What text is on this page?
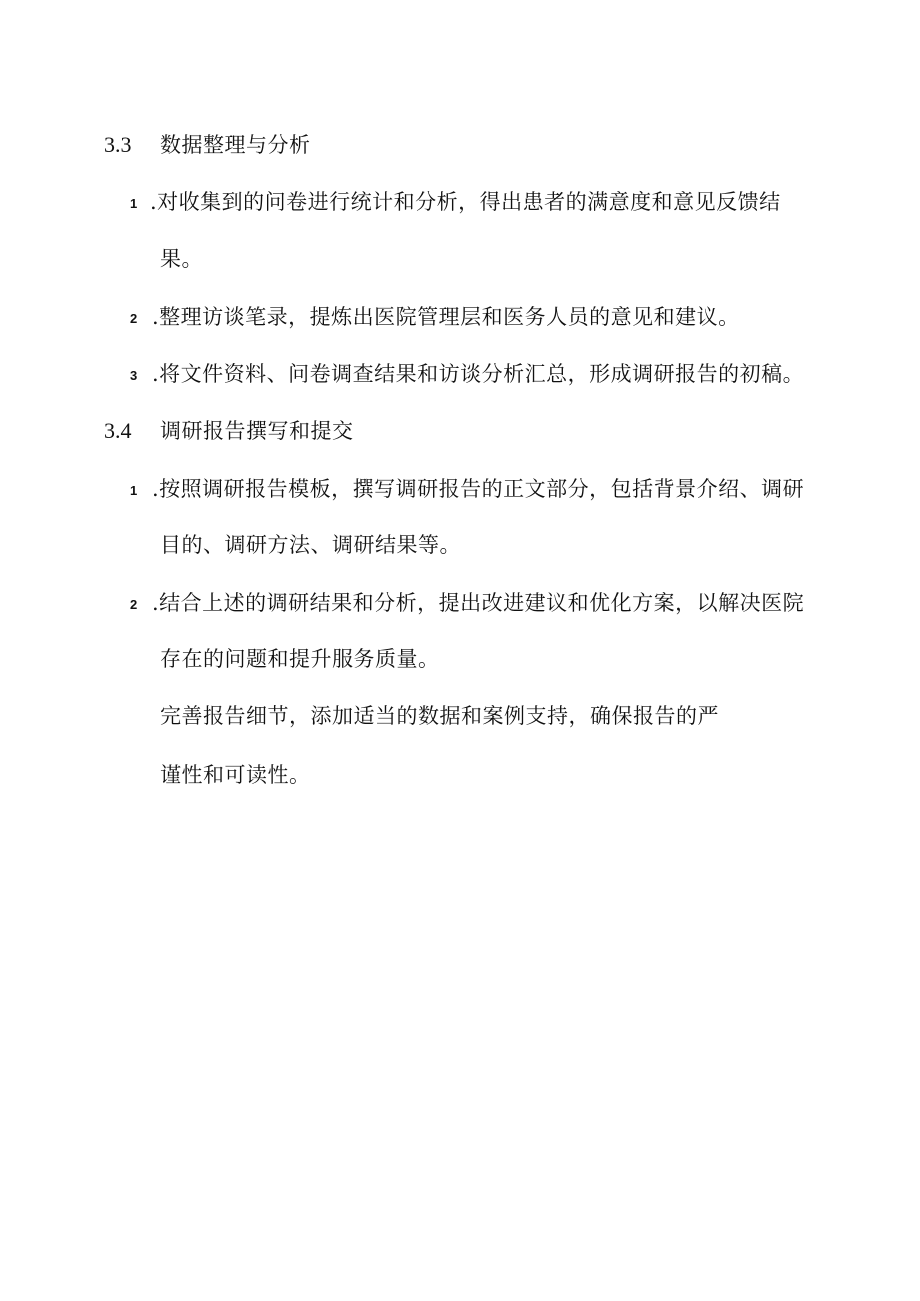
3.3 数据整理与分析
1 .对收集到的问卷进行统计和分析，得出患者的满意度和意见反馈结
果。
2 .整理访谈笔录，提炼出医院管理层和医务人员的意见和建议。
3 .将文件资料、问卷调查结果和访谈分析汇总，形成调研报告的初稿。
3.4 调研报告撰写和提交
1 .按照调研报告模板，撰写调研报告的正文部分，包括背景介绍、调研
目的、调研方法、调研结果等。
2 .结合上述的调研结果和分析，提出改进建议和优化方案，以解决医院
存在的问题和提升服务质量。
完善报告细节，添加适当的数据和案例支持，确保报告的严
谨性和可读性。
